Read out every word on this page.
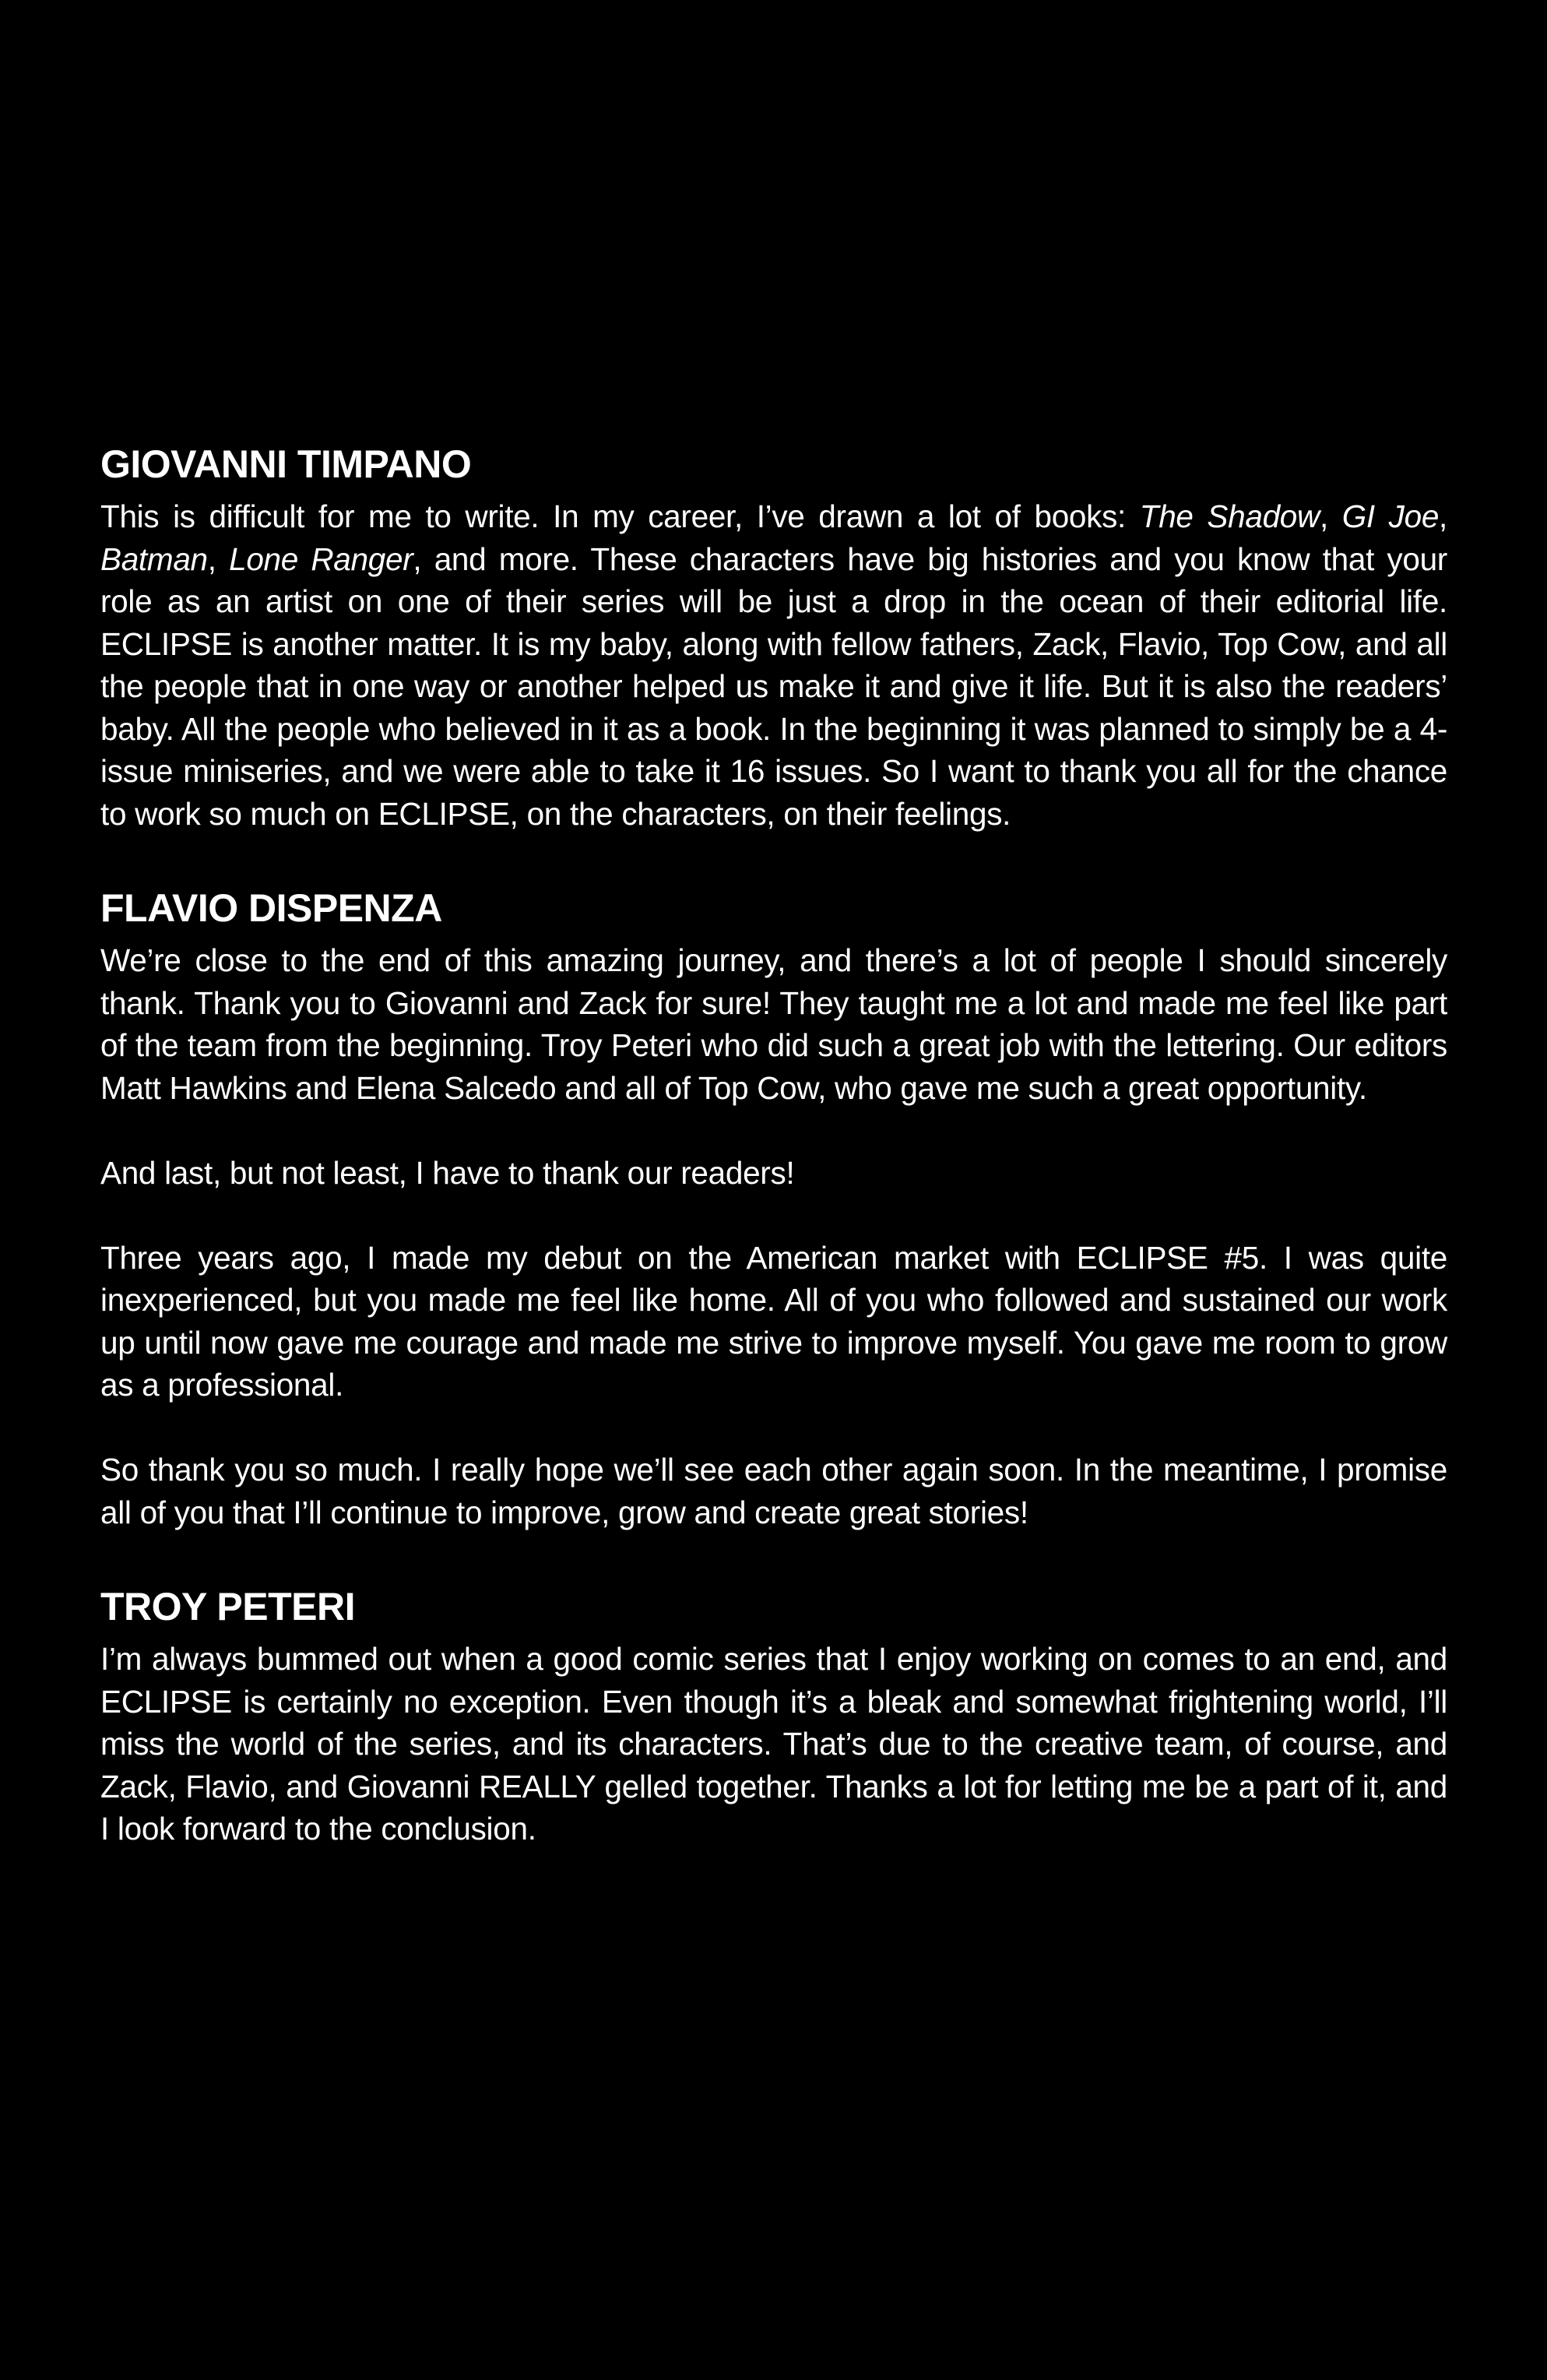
GIOVANNI TIMPANO

This is difficult for me to write. In my career, I’ve drawn a lot of books: The Shadow, GI Joe, Batman, Lone Ranger, and more. These characters have big histories and you know that your role as an artist on one of their series will be just a drop in the ocean of their editorial life. ECLIPSE is another matter. It is my baby, along with fellow fathers, Zack, Flavio, Top Cow, and all the people that in one way or another helped us make it and give it life. But it is also the readers’ baby. All the people who believed in it as a book. In the beginning it was planned to simply be a 4-issue miniseries, and we were able to take it 16 issues. So I want to thank you all for the chance to work so much on ECLIPSE, on the characters, on their feelings.

FLAVIO DISPENZA

We’re close to the end of this amazing journey, and there’s a lot of people I should sincerely thank. Thank you to Giovanni and Zack for sure! They taught me a lot and made me feel like part of the team from the beginning. Troy Peteri who did such a great job with the lettering. Our editors Matt Hawkins and Elena Salcedo and all of Top Cow, who gave me such a great opportunity.

And last, but not least, I have to thank our readers!

Three years ago, I made my debut on the American market with ECLIPSE #5. I was quite inexperienced, but you made me feel like home. All of you who followed and sustained our work up until now gave me courage and made me strive to improve myself. You gave me room to grow as a professional.

So thank you so much. I really hope we’ll see each other again soon. In the meantime, I promise all of you that I’ll continue to improve, grow and create great stories!

TROY PETERI

I’m always bummed out when a good comic series that I enjoy working on comes to an end, and ECLIPSE is certainly no exception. Even though it’s a bleak and somewhat frightening world, I’ll miss the world of the series, and its characters. That’s due to the creative team, of course, and Zack, Flavio, and Giovanni REALLY gelled together. Thanks a lot for letting me be a part of it, and I look forward to the conclusion.
